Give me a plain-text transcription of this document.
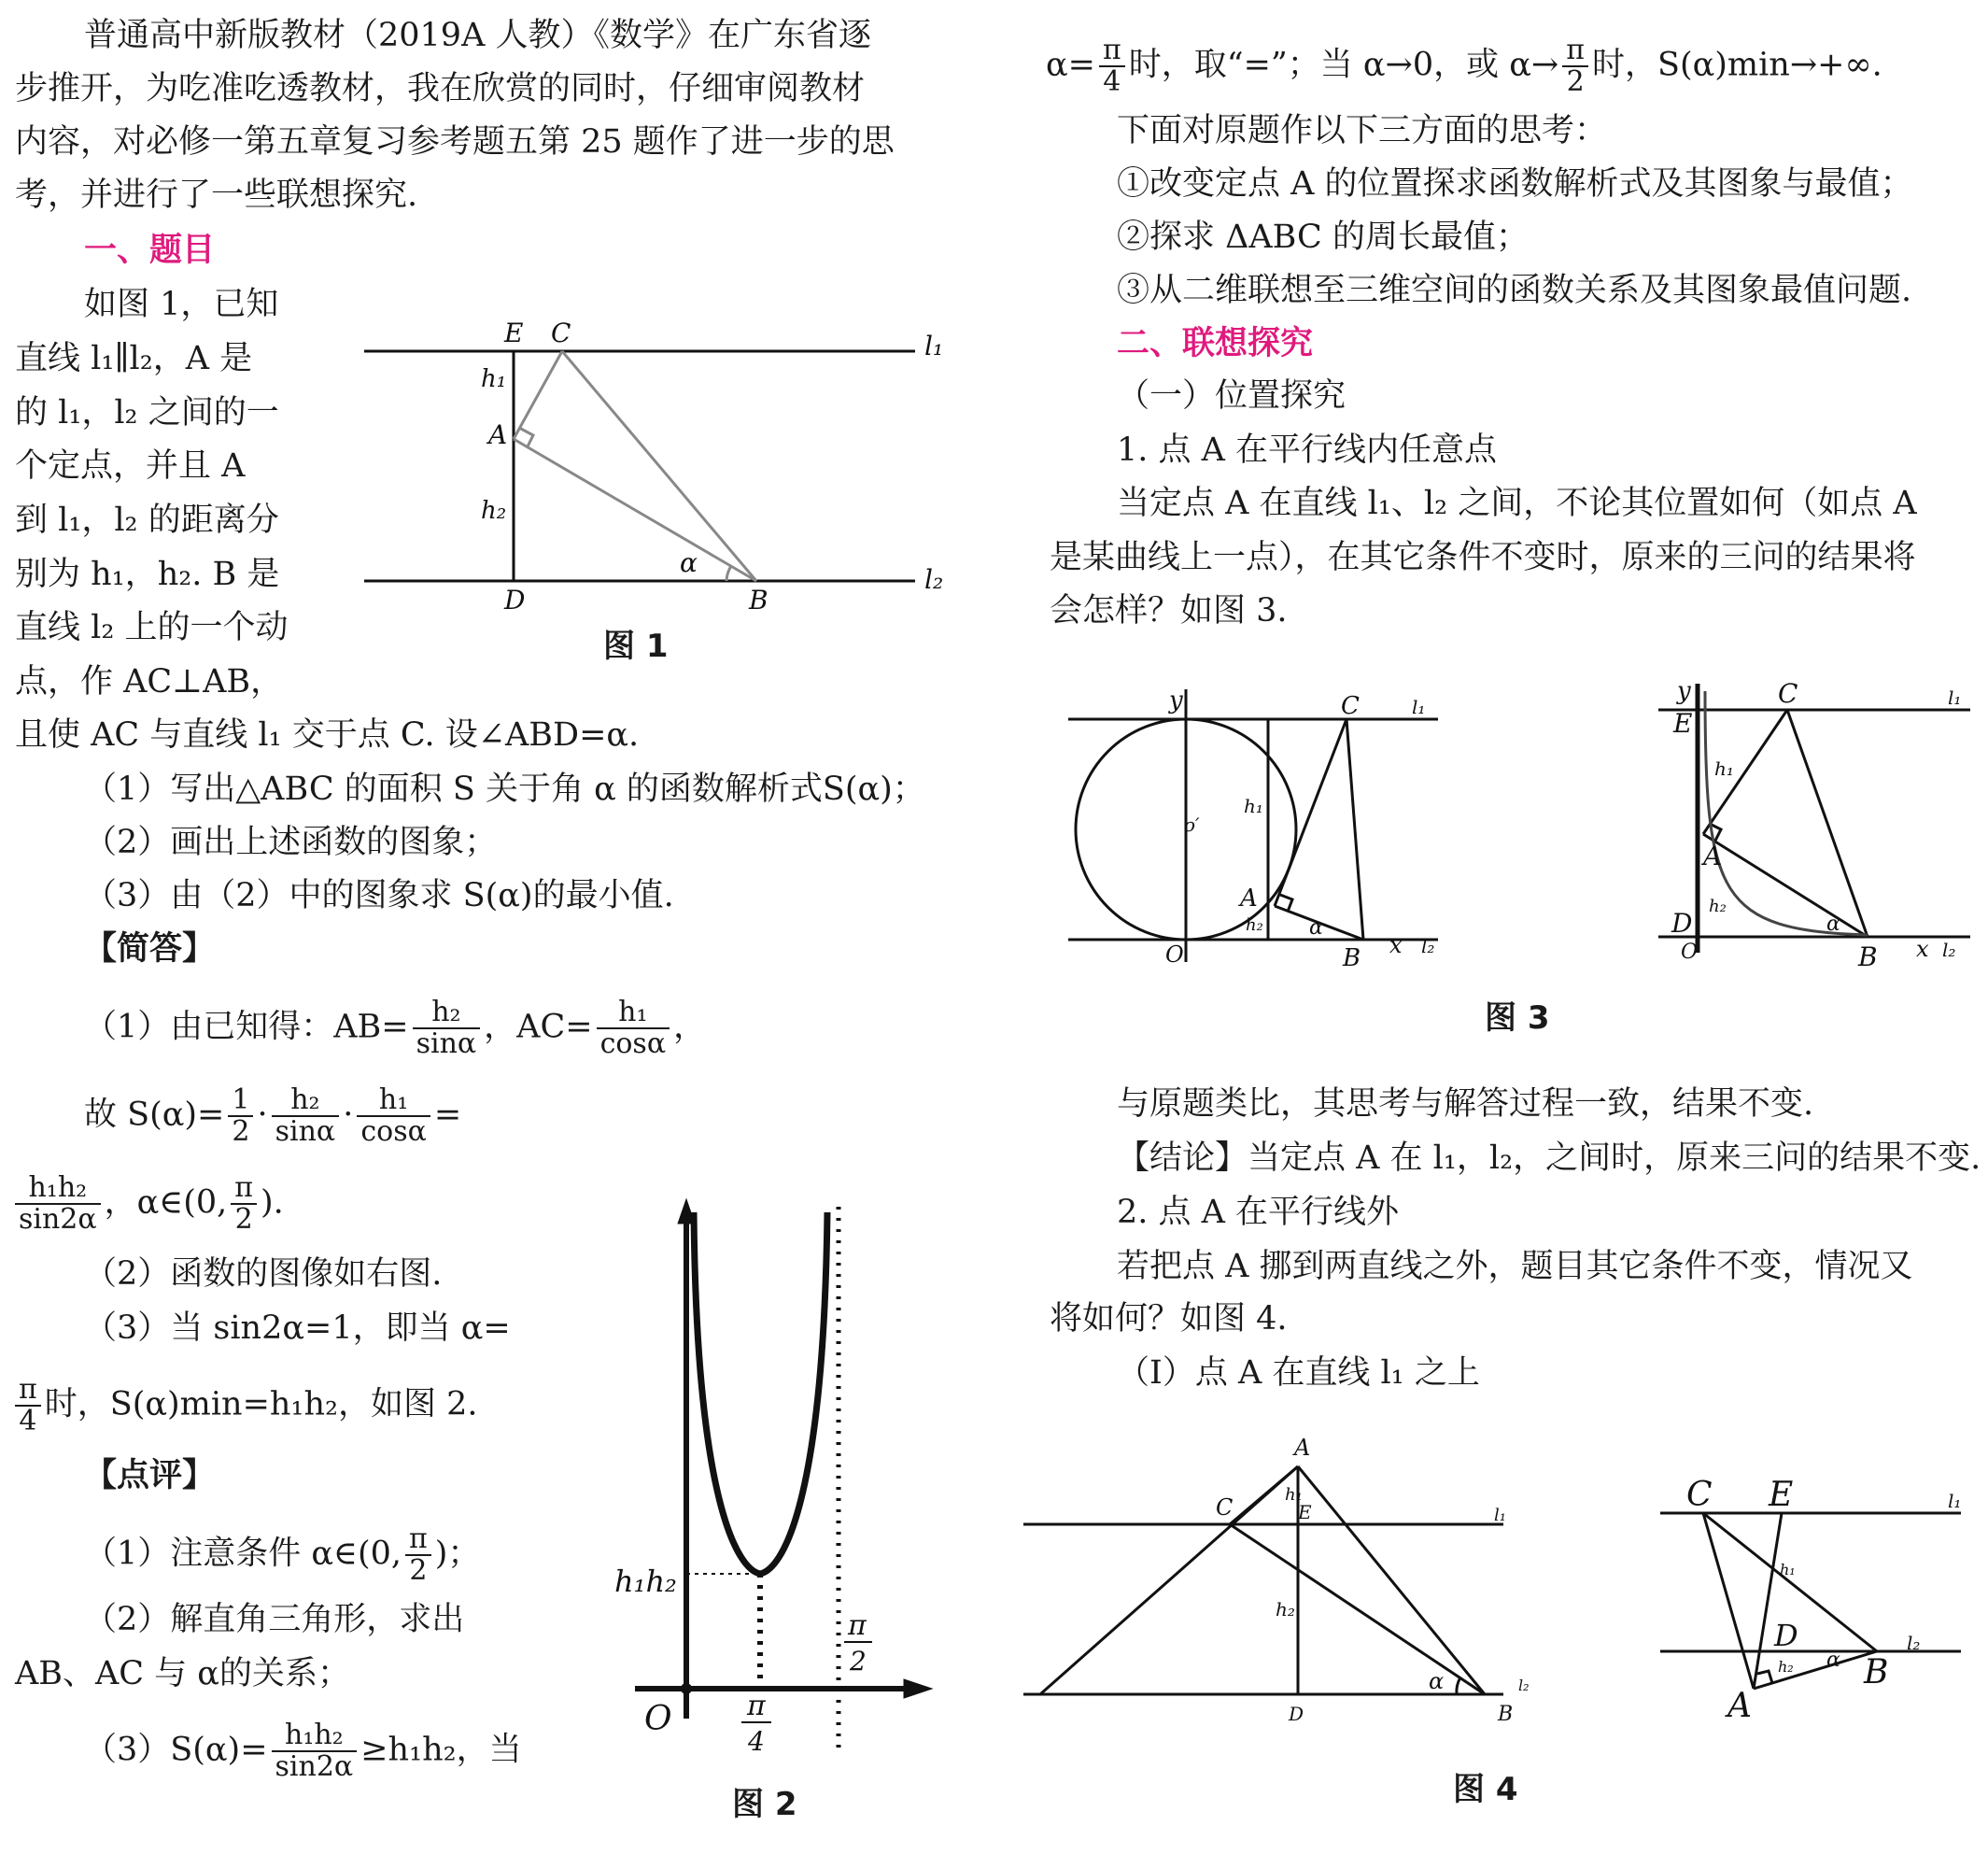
普通高中新版教材（2019A 人教）《数学》在广东省逐
步推开，为吃准吃透教材，我在欣赏的同时，仔细审阅教材
内容，对必修一第五章复习参考题五第 25 题作了进一步的思
考，并进行了一些联想探究.
一、题目
如图 1，已知
直线 l₁∥l₂，A 是
的 l₁，l₂ 之间的一
个定点，并且 A
到 l₁，l₂ 的距离分
别为 h₁，h₂. B 是
直线 l₂ 上的一个动
点，作 AC⊥AB，
且使 AC 与直线 l₁ 交于点 C. 设∠ABD=α.
（1）写出△ABC 的面积 S 关于角 α 的函数解析式S(α)；
（2）画出上述函数的图象；
（3）由（2）中的图象求 S(α)的最小值.
【简答】
（1）由已知得：$AB= \frac{\text{h₂}}{\sin\alpha}$ ，$AC= \frac{\text{h₁}}{\cos\alpha}$ ，
故 $S(\alpha)= \frac{1}{2} \cdot \frac{\text{h₂}}{\sin\alpha} \cdot \frac{\text{h₁}}{\cos\alpha}$ =
$\frac{\text{h₁h₂}}{\sin 2\alpha}$ ，α∈(0, $\frac{\pi}{2}$ ).
（2）函数的图像如右图.
（3）当 sin2α=1，即当 α=
$\frac{\pi}{4}$ 时，S(α)min=h₁h₂，如图 2.
【点评】
（1）注意条件 α∈(0, $\frac{\pi}{2}$ )；
（2）解直角三角形，求出
AB、AC 与 α的关系；
$(3)S(\alpha)= \frac{\text{h₁h₂}}{\sin 2\alpha} \ge h_1h_2$，当
E C	l₁
h₁
A
h₂
α
D	B
l₂
图 1
h₁h₂
O	π
4
π
2
图 2
$\alpha= \frac{\pi}{4}$ 时，取“=”；当 α→0，或 $\alpha\to \frac{\pi}{2}$ 时，S(α)min→+∞.
下面对原题作以下三方面的思考：
①改变定点 A 的位置探求函数解析式及其图象与最值；
②探求 ΔABC 的周长最值；
③从二维联想至三维空间的函数关系及其图象最值问题.
二、联想探究
（一）位置探究
1. 点 A 在平行线内任意点
当定点 A 在直线 l₁、l₂ 之间，不论其位置如何（如点 A
是某曲线上一点），在其它条件不变时，原来的三问的结果将
会怎样？如图 3.
y	C	l₁
o′
h₁
A
h₂ α
O	B x l₂
y	C	l₁
E
h₁
A
h₂
D	α
O	B x l₂
图 3
与原题类比，其思考与解答过程一致，结果不变.
【结论】当定点 A 在 l₁，l₂，之间时，原来三问的结果不变.
2. 点 A 在平行线外
若把点 A 挪到两直线之外，题目其它条件不变，情况又
将如何？如图 4.
（Ⅰ）点 A 在直线 l₁ 之上
A
C	h₁
E	l₁
h₂
α
D	B
l₂
C E	l₁
h₁
D
h₂ α B
l₂
A
图 4
